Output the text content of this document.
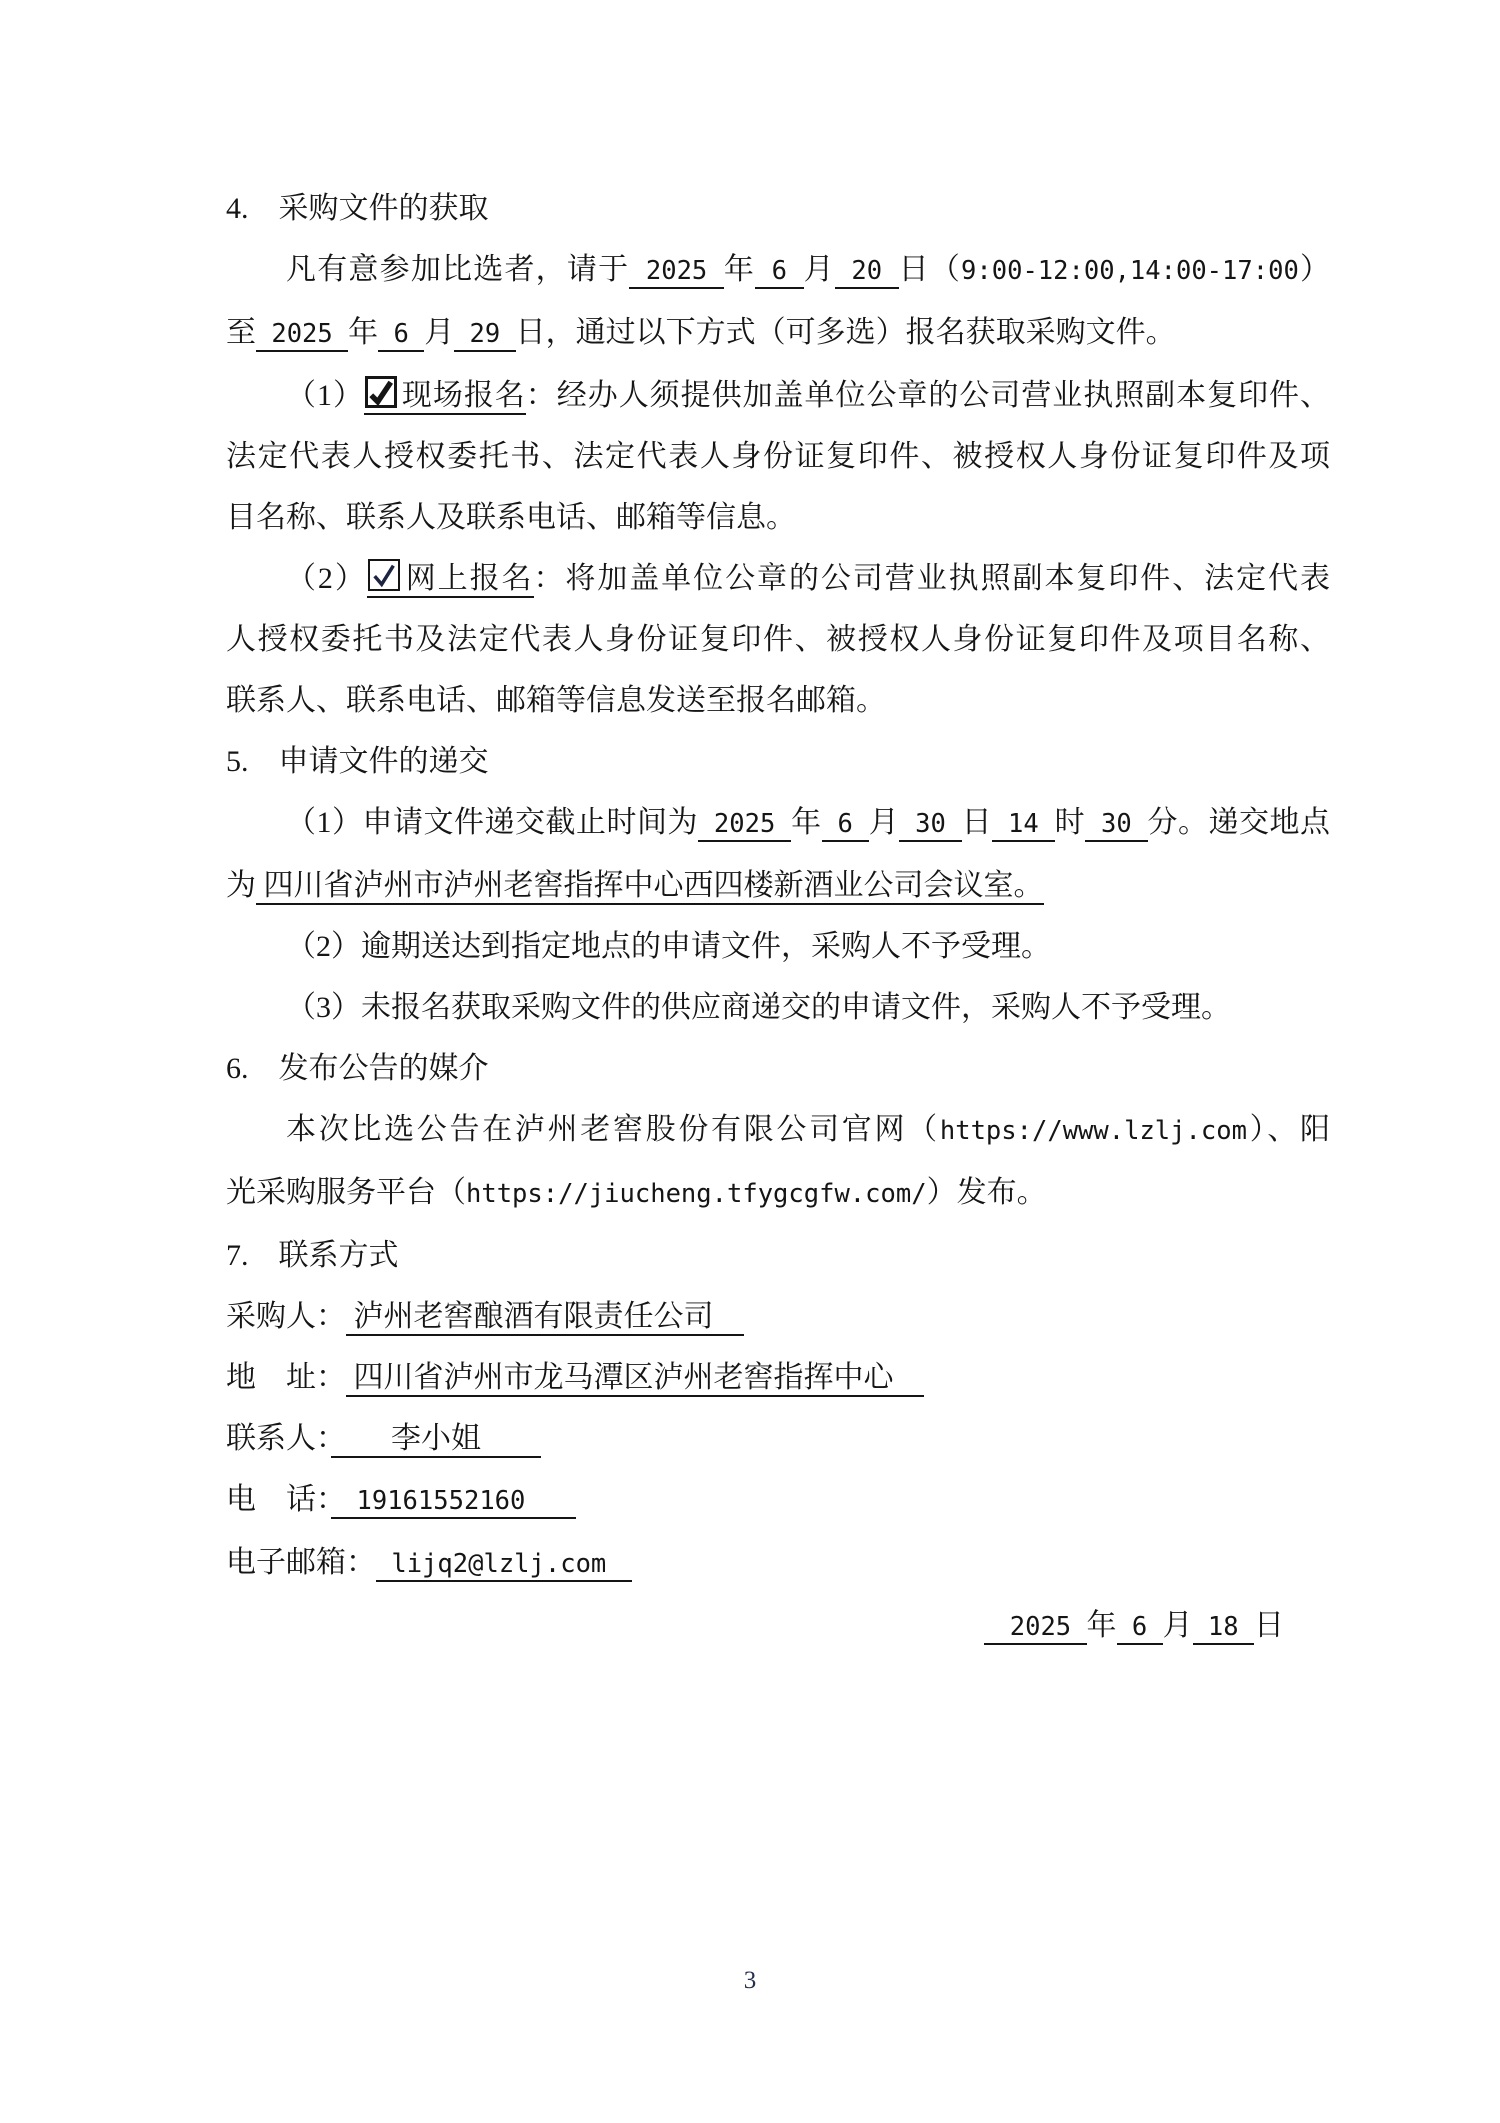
4.　采购文件的获取
凡有意参加比选者，请于 2025 年 6 月 20 日（9:00-12:00,14:00-17:00）
至 2025 年 6 月 29 日，通过以下方式（可多选）报名获取采购文件。
（1） 现场报名：经办人须提供加盖单位公章的公司营业执照副本复印件、
法定代表人授权委托书、法定代表人身份证复印件、被授权人身份证复印件及项
目名称、联系人及联系电话、邮箱等信息。
（2） 网上报名：将加盖单位公章的公司营业执照副本复印件、法定代表
人授权委托书及法定代表人身份证复印件、被授权人身份证复印件及项目名称、
联系人、联系电话、邮箱等信息发送至报名邮箱。
5.　申请文件的递交
（1）申请文件递交截止时间为 2025 年 6 月 30 日 14 时 30 分。递交地点
为 四川省泸州市泸州老窖指挥中心西四楼新酒业公司会议室。
（2）逾期送达到指定地点的申请文件，采购人不予受理。
（3）未报名获取采购文件的供应商递交的申请文件，采购人不予受理。
6.　发布公告的媒介
本次比选公告在泸州老窖股份有限公司官网（https://www.lzlj.com）、阳
光采购服务平台（https://jiucheng.tfygcgfw.com/）发布。
7.　联系方式
采购人： 泸州老窖酿酒有限责任公司　
地　址： 四川省泸州市龙马潭区泸州老窖指挥中心　
联系人：　　李小姐　　
电　话：　19161552160　　
电子邮箱： lijq2@lzlj.com　
　2025 年 6 月 18 日
3
